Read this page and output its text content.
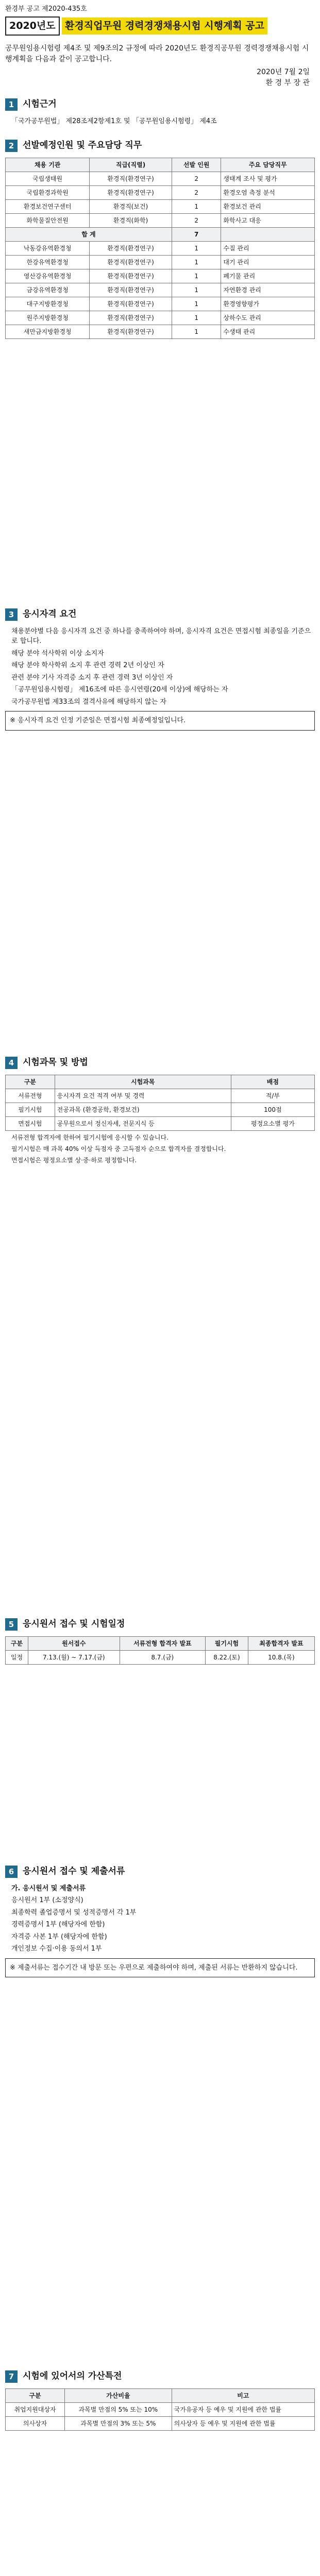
환경부 공고 제2020-435호
2020년도 환경직업무원 경력경쟁채용시험 시행계획 공고
공무원임용시험령 제4조 및 제9조의2 규정에 따라 2020년도 환경직공무원 경력경쟁채용시험 시행계획을 다음과 같이 공고합니다.
2020년 7월 2일
환 경 부 장 관
1 시험근거
「국가공무원법」 제28조제2항제1호 및 「공무원임용시험령」 제4조
2 선발예정인원 및 주요담당 직무
채용 기관	직급(직렬)	선발 인원	주요 담당직무
국립생태원	환경직(환경연구)	2	생태계 조사 및 평가
국립환경과학원	환경직(환경연구)	2	환경오염 측정 분석
환경보건연구센터	환경직(보건)	1	환경보건 관리
화학물질안전원	환경직(화학)	2	화학사고 대응
합 계		7	
낙동강유역환경청	환경직(환경연구)	1	수질 관리
한강유역환경청	환경직(환경연구)	1	대기 관리
영산강유역환경청	환경직(환경연구)	1	폐기물 관리
금강유역환경청	환경직(환경연구)	1	자연환경 관리
대구지방환경청	환경직(환경연구)	1	환경영향평가
원주지방환경청	환경직(환경연구)	1	상하수도 관리
새만금지방환경청	환경직(환경연구)	1	수생태 관리
3 응시자격 요건
채용분야별 다음 응시자격 요건 중 하나를 충족하여야 하며, 응시자격 요건은 면접시험 최종일을 기준으로 합니다.
해당 분야 석사학위 이상 소지자
해당 분야 학사학위 소지 후 관련 경력 2년 이상인 자
관련 분야 기사 자격증 소지 후 관련 경력 3년 이상인 자
「공무원임용시험령」 제16조에 따른 응시연령(20세 이상)에 해당하는 자
국가공무원법 제33조의 결격사유에 해당하지 않는 자
※ 응시자격 요건 인정 기준일은 면접시험 최종예정일입니다.
4 시험과목 및 방법
구분	시험과목	배점
서류전형	응시자격 요건 적격 여부 및 경력	적/부
필기시험	전공과목 (환경공학, 환경보건)	100점
면접시험	공무원으로서 정신자세, 전문지식 등	평정요소별 평가
서류전형 합격자에 한하여 필기시험에 응시할 수 있습니다.
필기시험은 매 과목 40% 이상 득점자 중 고득점자 순으로 합격자를 결정합니다.
면접시험은 평정요소별 상·중·하로 평정합니다.
5 응시원서 접수 및 시험일정
구분	원서접수	서류전형 합격자 발표	필기시험	최종합격자 발표
일정	7.13.(월) ~ 7.17.(금)	8.7.(금)	8.22.(토)	10.8.(목)
6 응시원서 접수 및 제출서류
가. 응시원서 및 제출서류
응시원서 1부 (소정양식)
최종학력 졸업증명서 및 성적증명서 각 1부
경력증명서 1부 (해당자에 한함)
자격증 사본 1부 (해당자에 한함)
개인정보 수집·이용 동의서 1부
※ 제출서류는 접수기간 내 방문 또는 우편으로 제출하여야 하며, 제출된 서류는 반환하지 않습니다.
7 시험에 있어서의 가산특전
구분	가산비율	비고
취업지원대상자	과목별 만점의 5% 또는 10%	국가유공자 등 예우 및 지원에 관한 법률
의사상자	과목별 만점의 3% 또는 5%	의사상자 등 예우 및 지원에 관한 법률
